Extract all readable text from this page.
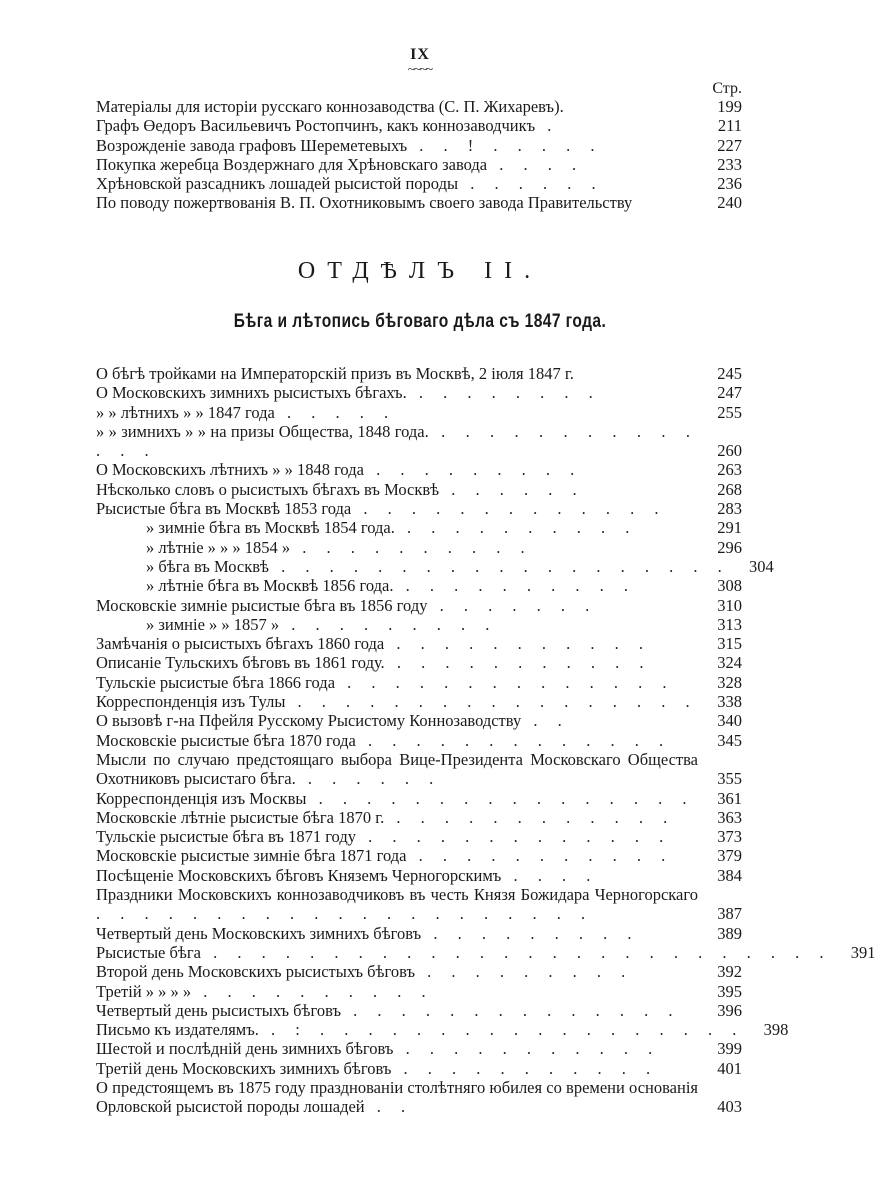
IX
~~~~
Стр.
Матеріалы для исторіи русскаго коннозаводства (С. П. Жихаревъ).	199
Графъ Өедоръ Васильевичъ Ростопчинъ, какъ коннозаводчикъ .	211
Возрожденіе завода графовъ Шереметевыхъ . . ! . . . . .	227
Покупка жеребца Воздержнаго для Хрѣновскаго завода . . . .	233
Хрѣновской разсадникъ лошадей рысистой породы . . . . . .	236
По поводу пожертвованія В. П. Охотниковымъ своего завода Правительству	240
ОТДѢЛЪ II.
Бѣга и лѣтопись бѣговаго дѣла съ 1847 года.
О бѣгѣ тройками на Императорскій призъ въ Москвѣ, 2 іюля 1847 г.	245
О Московскихъ зимнихъ рысистыхъ бѣгахъ. . . . . . . . .	247
» » лѣтнихъ » » 1847 года . . . . .	255
» » зимнихъ » » на призы Общества, 1848 года. . . . . . . . . . . . . . .	260
О Московскихъ лѣтнихъ » » 1848 года . . . . . . . . .	263
Нѣсколько словъ о рысистыхъ бѣгахъ въ Москвѣ . . . . . .	268
Рысистые бѣга въ Москвѣ 1853 года . . . . . . . . . . . . .	283
» зимніе бѣга въ Москвѣ 1854 года. . . . . . . . . . .	291
» лѣтніе » » » 1854 » . . . . . . . . . .	296
» бѣга въ Москвѣ . . . . . . . . . . . . . . . . . . .	304
» лѣтніе бѣга въ Москвѣ 1856 года. . . . . . . . . . .	308
Московскіе зимніе рысистые бѣга въ 1856 году . . . . . . .	310
» зимніе » » 1857 » . . . . . . . . .	313
Замѣчанія о рысистыхъ бѣгахъ 1860 года . . . . . . . . . . .	315
Описаніе Тульскихъ бѣговъ въ 1861 году. . . . . . . . . . . .	324
Тульскіе рысистые бѣга 1866 года . . . . . . . . . . . . . .	328
Корреспонденція изъ Тулы . . . . . . . . . . . . . . . . .	338
О вызовѣ г-на Пфейля Русскому Рысистому Коннозаводству . .	340
Московскіе рысистые бѣга 1870 года . . . . . . . . . . . . .	345
Мысли по случаю предстоящаго выбора Вице-Президента Московскаго Общества Охотниковъ рысистаго бѣга. . . . . . .	355
Корреспонденція изъ Москвы . . . . . . . . . . . . . . . .	361
Московскіе лѣтніе рысистые бѣга 1870 г. . . . . . . . . . . . .	363
Тульскіе рысистые бѣга въ 1871 году . . . . . . . . . . . . .	373
Московскіе рысистые зимніе бѣга 1871 года . . . . . . . . . . .	379
Посѣщеніе Московскихъ бѣговъ Княземъ Черногорскимъ . . . .	384
Праздники Московскихъ коннозаводчиковъ въ честь Князя Божидара Черногорскаго . . . . . . . . . . . . . . . . . . . . .	387
Четвертый день Московскихъ зимнихъ бѣговъ . . . . . . . . .	389
Рысистые бѣга . . . . . . . . . . . . . . . . . . . . . . . . . .	391
Второй день Московскихъ рысистыхъ бѣговъ . . . . . . . . .	392
Третій » » » » . . . . . . . . . .	395
Четвертый день рысистыхъ бѣговъ . . . . . . . . . . . . . .	396
Письмо къ издателямъ. . : . . . . . . . . . . . . . . . . . .	398
Шестой и послѣдній день зимнихъ бѣговъ . . . . . . . . . . .	399
Третій день Московскихъ зимнихъ бѣговъ . . . . . . . . . . .	401
О предстоящемъ въ 1875 году празднованіи столѣтняго юбилея со времени основанія Орловской рысистой породы лошадей . .	403
